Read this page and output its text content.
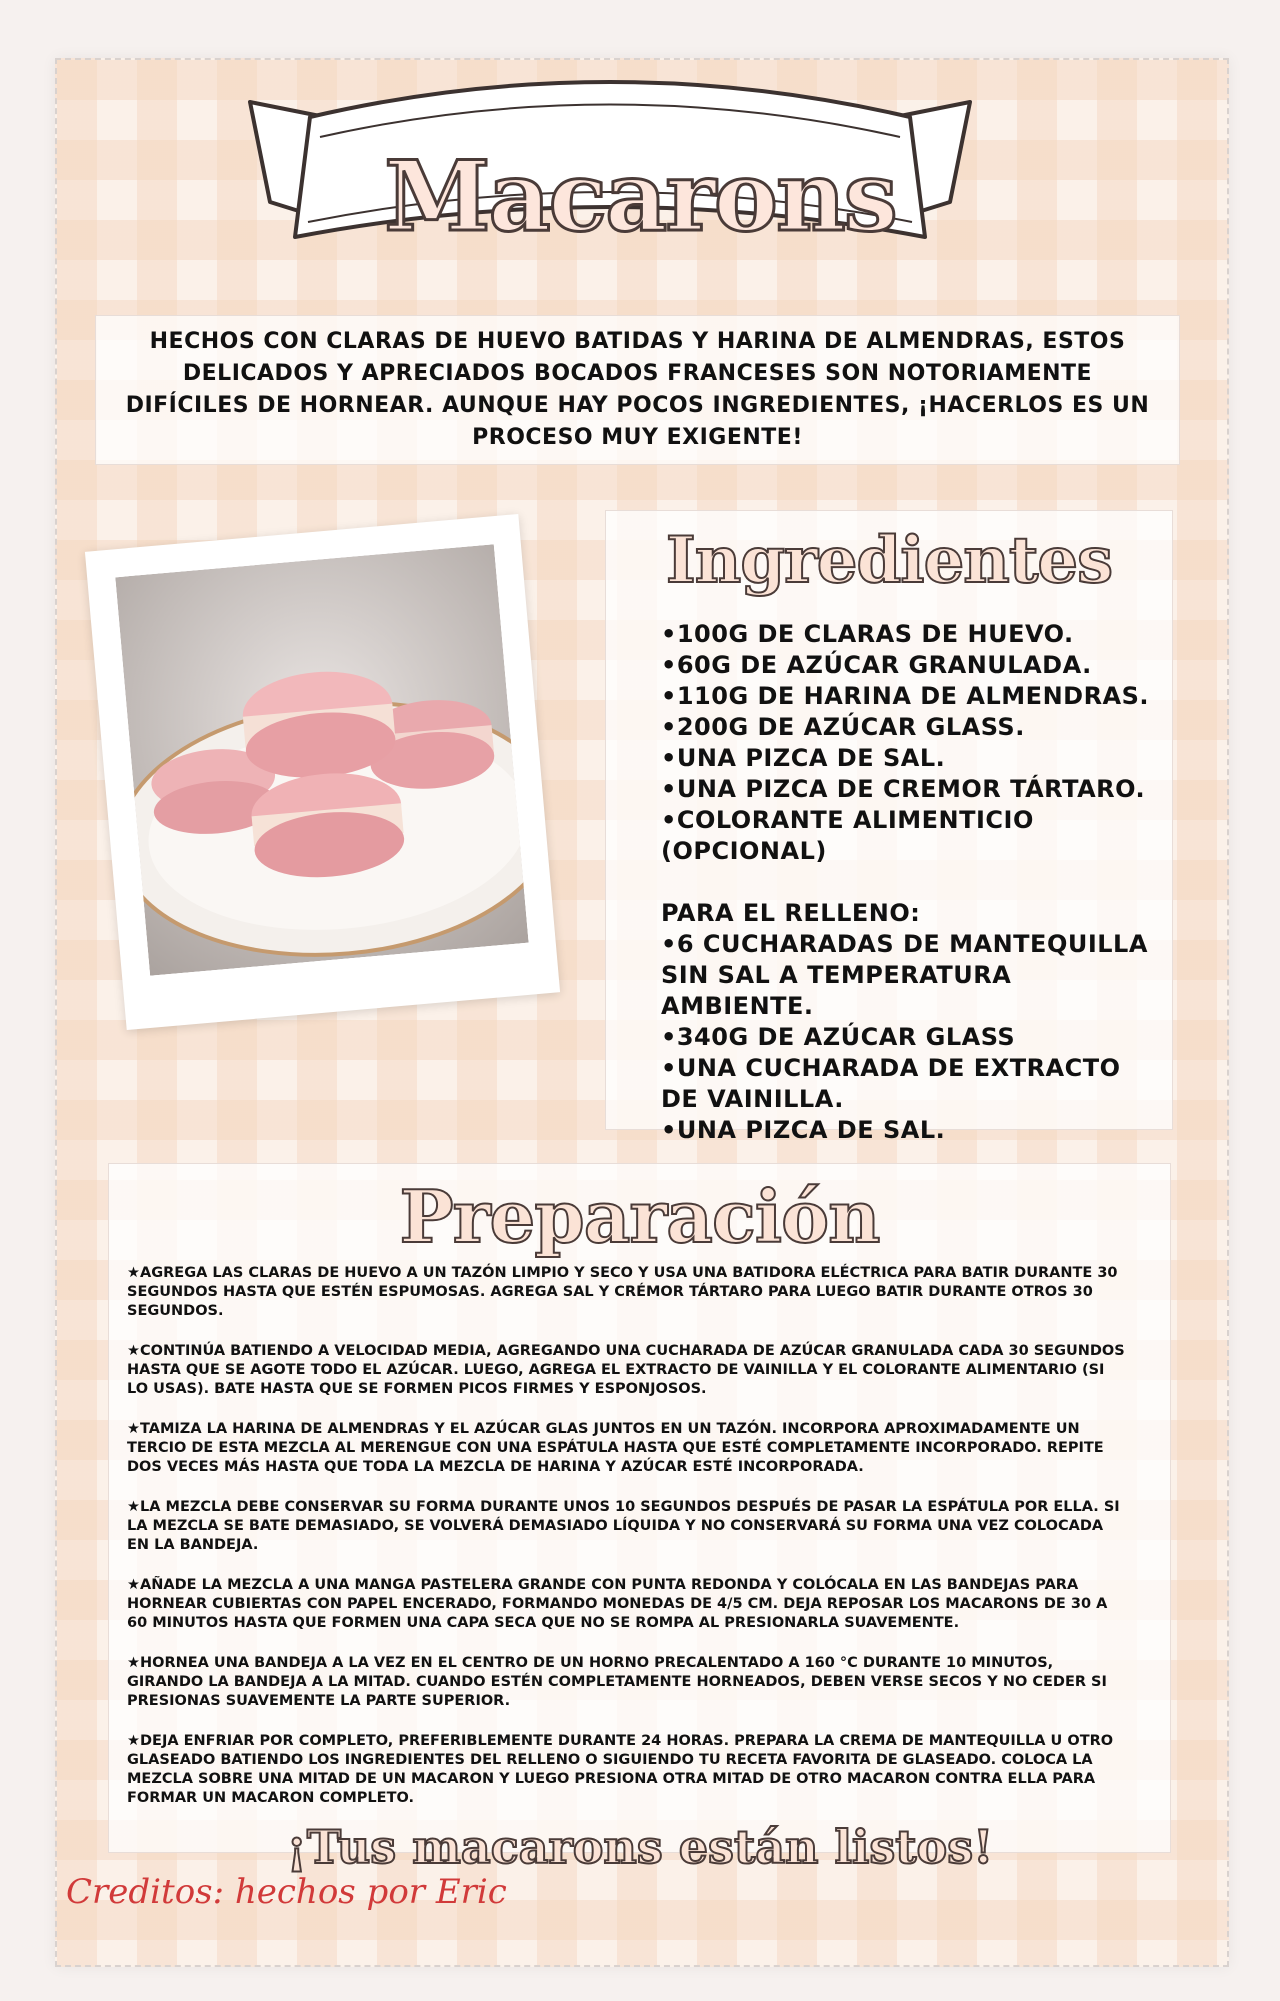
Macarons

HECHOS CON CLARAS DE HUEVO BATIDAS Y HARINA DE ALMENDRAS, ESTOS DELICADOS Y APRECIADOS BOCADOS FRANCESES SON NOTORIAMENTE DIFÍCILES DE HORNEAR. AUNQUE HAY POCOS INGREDIENTES, ¡HACERLOS ES UN PROCESO MUY EXIGENTE!

Ingredientes
•100G DE CLARAS DE HUEVO.
•60G DE AZÚCAR GRANULADA.
•110G DE HARINA DE ALMENDRAS.
•200G DE AZÚCAR GLASS.
•UNA PIZCA DE SAL.
•UNA PIZCA DE CREMOR TÁRTARO.
•COLORANTE ALIMENTICIO (OPCIONAL)
PARA EL RELLENO:
•6 CUCHARADAS DE MANTEQUILLA SIN SAL A TEMPERATURA AMBIENTE.
•340G DE AZÚCAR GLASS
•UNA CUCHARADA DE EXTRACTO DE VAINILLA.
•UNA PIZCA DE SAL.
Preparación

★AGREGA LAS CLARAS DE HUEVO A UN TAZÓN LIMPIO Y SECO Y USA UNA BATIDORA ELÉCTRICA PARA BATIR DURANTE 30 SEGUNDOS HASTA QUE ESTÉN ESPUMOSAS. AGREGA SAL Y CRÉMOR TÁRTARO PARA LUEGO BATIR DURANTE OTROS 30 SEGUNDOS.

★CONTINÚA BATIENDO A VELOCIDAD MEDIA, AGREGANDO UNA CUCHARADA DE AZÚCAR GRANULADA CADA 30 SEGUNDOS HASTA QUE SE AGOTE TODO EL AZÚCAR. LUEGO, AGREGA EL EXTRACTO DE VAINILLA Y EL COLORANTE ALIMENTARIO (SI LO USAS). BATE HASTA QUE SE FORMEN PICOS FIRMES Y ESPONJOSOS.

★TAMIZA LA HARINA DE ALMENDRAS Y EL AZÚCAR GLAS JUNTOS EN UN TAZÓN. INCORPORA APROXIMADAMENTE UN TERCIO DE ESTA MEZCLA AL MERENGUE CON UNA ESPÁTULA HASTA QUE ESTÉ COMPLETAMENTE INCORPORADO. REPITE DOS VECES MÁS HASTA QUE TODA LA MEZCLA DE HARINA Y AZÚCAR ESTÉ INCORPORADA.

★LA MEZCLA DEBE CONSERVAR SU FORMA DURANTE UNOS 10 SEGUNDOS DESPUÉS DE PASAR LA ESPÁTULA POR ELLA. SI LA MEZCLA SE BATE DEMASIADO, SE VOLVERÁ DEMASIADO LÍQUIDA Y NO CONSERVARÁ SU FORMA UNA VEZ COLOCADA EN LA BANDEJA.

★AÑADE LA MEZCLA A UNA MANGA PASTELERA GRANDE CON PUNTA REDONDA Y COLÓCALA EN LAS BANDEJAS PARA HORNEAR CUBIERTAS CON PAPEL ENCERADO, FORMANDO MONEDAS DE 4/5 CM. DEJA REPOSAR LOS MACARONS DE 30 A 60 MINUTOS HASTA QUE FORMEN UNA CAPA SECA QUE NO SE ROMPA AL PRESIONARLA SUAVEMENTE.

★HORNEA UNA BANDEJA A LA VEZ EN EL CENTRO DE UN HORNO PRECALENTADO A 160 °C DURANTE 10 MINUTOS, GIRANDO LA BANDEJA A LA MITAD. CUANDO ESTÉN COMPLETAMENTE HORNEADOS, DEBEN VERSE SECOS Y NO CEDER SI PRESIONAS SUAVEMENTE LA PARTE SUPERIOR.

★DEJA ENFRIAR POR COMPLETO, PREFERIBLEMENTE DURANTE 24 HORAS. PREPARA LA CREMA DE MANTEQUILLA U OTRO GLASEADO BATIENDO LOS INGREDIENTES DEL RELLENO O SIGUIENDO TU RECETA FAVORITA DE GLASEADO. COLOCA LA MEZCLA SOBRE UNA MITAD DE UN MACARON Y LUEGO PRESIONA OTRA MITAD DE OTRO MACARON CONTRA ELLA PARA FORMAR UN MACARON COMPLETO.

¡Tus macarons están listos!
Creditos: hechos por Eric
